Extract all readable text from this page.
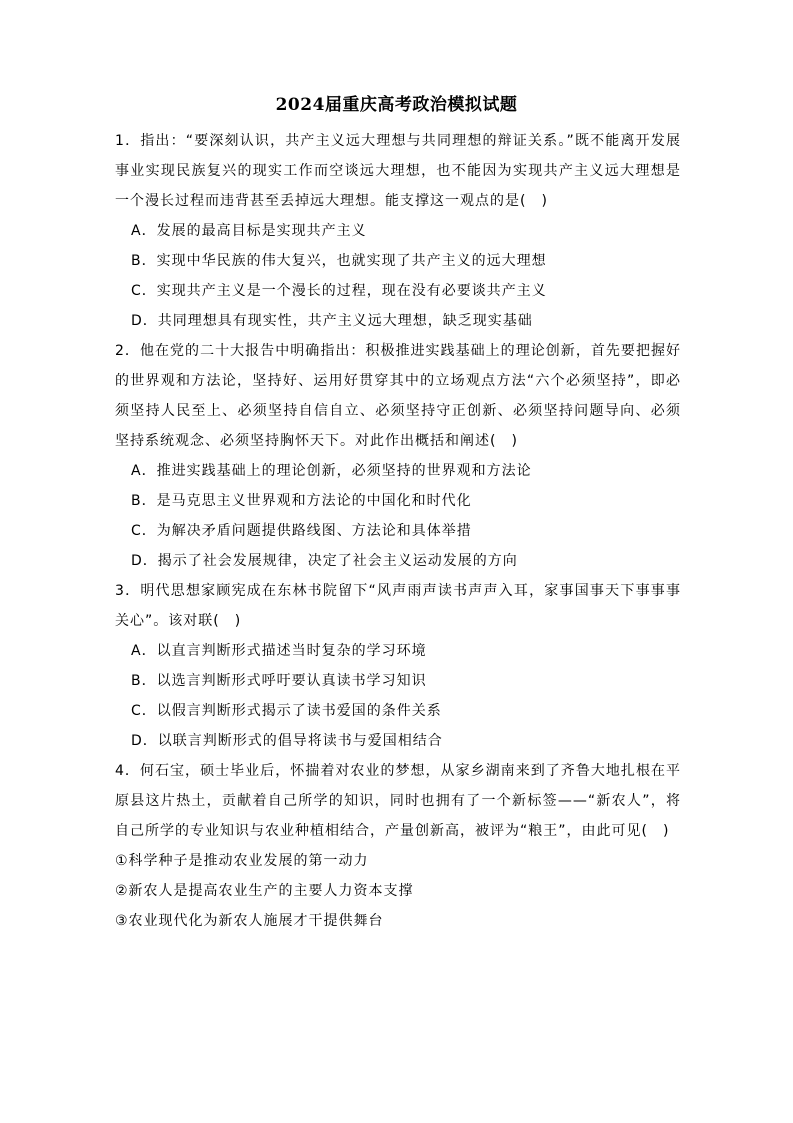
2024届重庆高考政治模拟试题
1．指出：“要深刻认识，共产主义远大理想与共同理想的辩证关系。”既不能离开发展事业实现民族复兴的现实工作而空谈远大理想，也不能因为实现共产主义远大理想是一个漫长过程而违背甚至丢掉远大理想。能支撑这一观点的是(　)
A．发展的最高目标是实现共产主义
B．实现中华民族的伟大复兴，也就实现了共产主义的远大理想
C．实现共产主义是一个漫长的过程，现在没有必要谈共产主义
D．共同理想具有现实性，共产主义远大理想，缺乏现实基础
2．他在党的二十大报告中明确指出：积极推进实践基础上的理论创新，首先要把握好的世界观和方法论，坚持好、运用好贯穿其中的立场观点方法“六个必须坚持”，即必须坚持人民至上、必须坚持自信自立、必须坚持守正创新、必须坚持问题导向、必须坚持系统观念、必须坚持胸怀天下。对此作出概括和阐述(　)
A．推进实践基础上的理论创新，必须坚持的世界观和方法论
B．是马克思主义世界观和方法论的中国化和时代化
C．为解决矛盾问题提供路线图、方法论和具体举措
D．揭示了社会发展规律，决定了社会主义运动发展的方向
3．明代思想家顾宪成在东林书院留下“风声雨声读书声声入耳，家事国事天下事事事关心”。该对联(　)
A．以直言判断形式描述当时复杂的学习环境
B．以选言判断形式呼吁要认真读书学习知识
C．以假言判断形式揭示了读书爱国的条件关系
D．以联言判断形式的倡导将读书与爱国相结合
4．何石宝，硕士毕业后，怀揣着对农业的梦想，从家乡湖南来到了齐鲁大地扎根在平原县这片热土，贡献着自己所学的知识，同时也拥有了一个新标签——“新农人”，将自己所学的专业知识与农业种植相结合，产量创新高，被评为“粮王”，由此可见(　)
①科学种子是推动农业发展的第一动力
②新农人是提高农业生产的主要人力资本支撑
③农业现代化为新农人施展才干提供舞台
